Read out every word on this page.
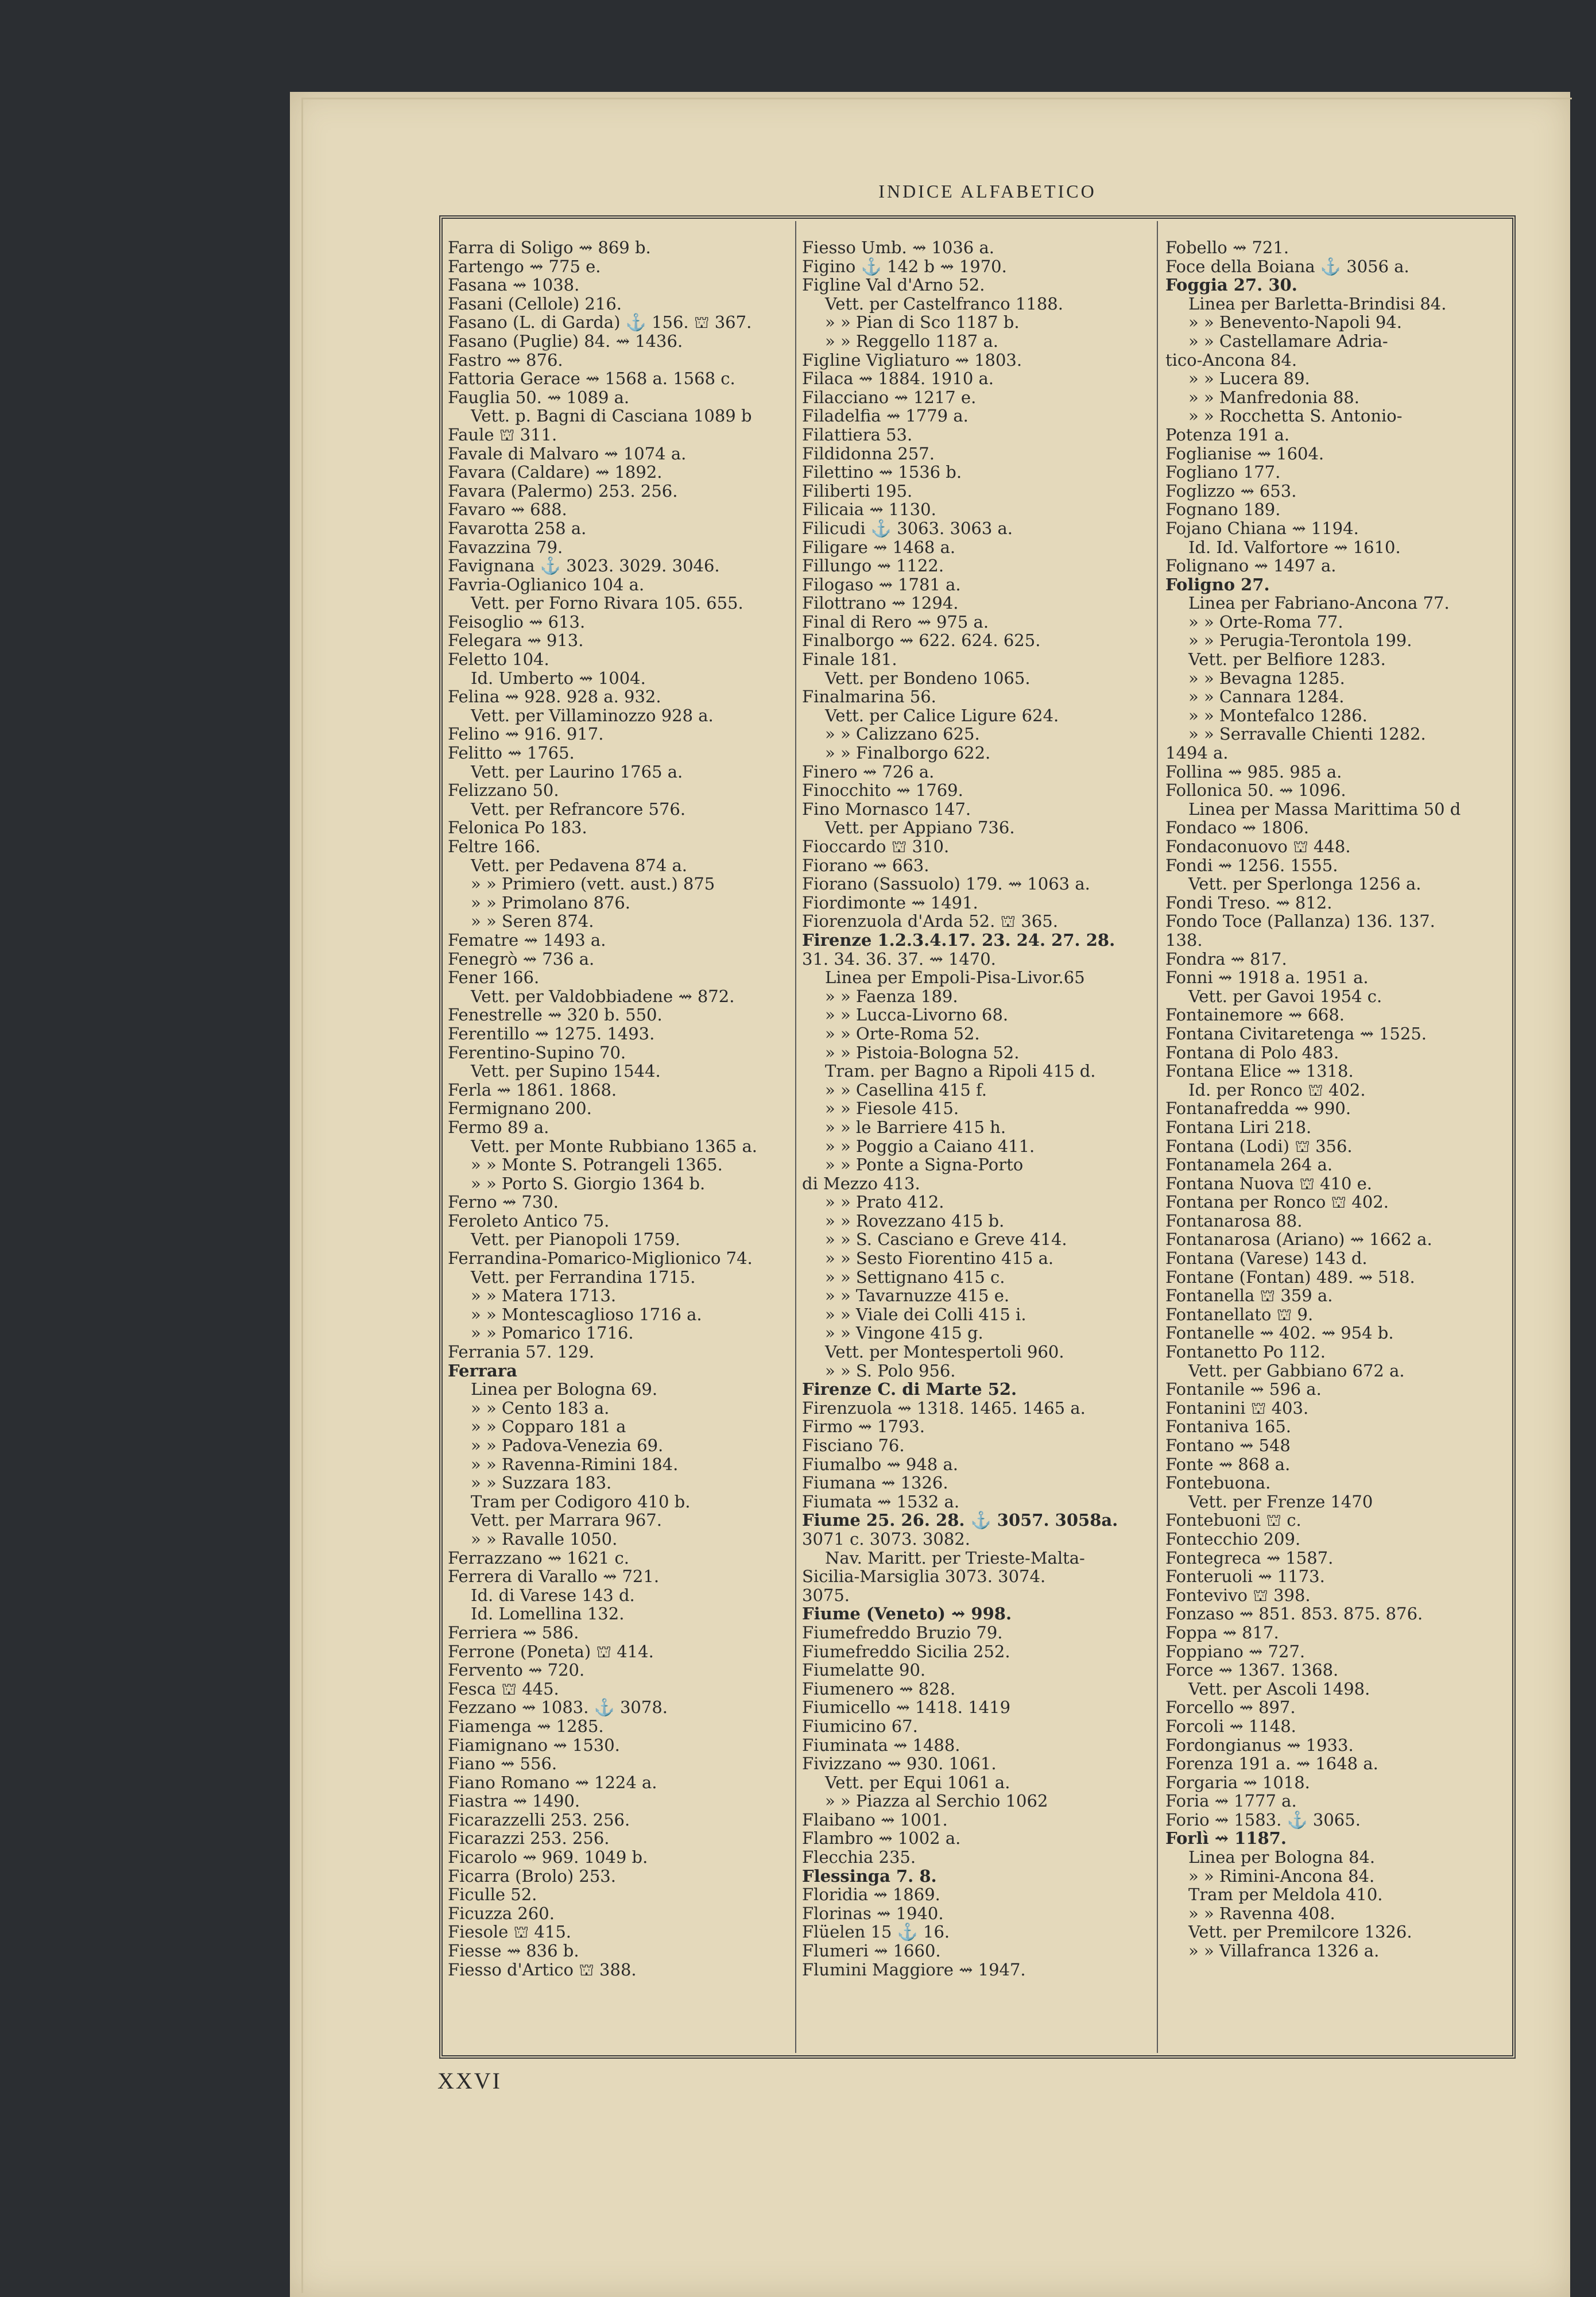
INDICE ALFABETICO
Farra di Soligo ⇝ 869 b.
Fartengo ⇝ 775 e.
Fasana ⇝ 1038.
Fasani (Cellole) 216.
Fasano (L. di Garda) ⚓ 156. ⛫ 367.
Fasano (Puglie) 84. ⇝ 1436.
Fastro ⇝ 876.
Fattoria Gerace ⇝ 1568 a. 1568 c.
Fauglia 50. ⇝ 1089 a.
Vett. p. Bagni di Casciana 1089 b
Faule ⛫ 311.
Favale di Malvaro ⇝ 1074 a.
Favara (Caldare) ⇝ 1892.
Favara (Palermo) 253. 256.
Favaro ⇝ 688.
Favarotta 258 a.
Favazzina 79.
Favignana ⚓ 3023. 3029. 3046.
Favria-Oglianico 104 a.
Vett. per Forno Rivara 105. 655.
Feisoglio ⇝ 613.
Felegara ⇝ 913.
Feletto 104.
Id. Umberto ⇝ 1004.
Felina ⇝ 928. 928 a. 932.
Vett. per Villaminozzo 928 a.
Felino ⇝ 916. 917.
Felitto ⇝ 1765.
Vett. per Laurino 1765 a.
Felizzano 50.
Vett. per Refrancore 576.
Felonica Po 183.
Feltre 166.
Vett. per Pedavena 874 a.
» » Primiero (vett. aust.) 875
» » Primolano 876.
» » Seren 874.
Fematre ⇝ 1493 a.
Fenegrò ⇝ 736 a.
Fener 166.
Vett. per Valdobbiadene ⇝ 872.
Fenestrelle ⇝ 320 b. 550.
Ferentillo ⇝ 1275. 1493.
Ferentino-Supino 70.
Vett. per Supino 1544.
Ferla ⇝ 1861. 1868.
Fermignano 200.
Fermo 89 a.
Vett. per Monte Rubbiano 1365 a.
» » Monte S. Potrangeli 1365.
» » Porto S. Giorgio 1364 b.
Ferno ⇝ 730.
Feroleto Antico 75.
Vett. per Pianopoli 1759.
Ferrandina-Pomarico-Miglionico 74.
Vett. per Ferrandina 1715.
» » Matera 1713.
» » Montescaglioso 1716 a.
» » Pomarico 1716.
Ferrania 57. 129.
Ferrara
Linea per Bologna 69.
» » Cento 183 a.
» » Copparo 181 a
» » Padova-Venezia 69.
» » Ravenna-Rimini 184.
» » Suzzara 183.
Tram per Codigoro 410 b.
Vett. per Marrara 967.
» » Ravalle 1050.
Ferrazzano ⇝ 1621 c.
Ferrera di Varallo ⇝ 721.
Id. di Varese 143 d.
Id. Lomellina 132.
Ferriera ⇝ 586.
Ferrone (Poneta) ⛫ 414.
Fervento ⇝ 720.
Fesca ⛫ 445.
Fezzano ⇝ 1083. ⚓ 3078.
Fiamenga ⇝ 1285.
Fiamignano ⇝ 1530.
Fiano ⇝ 556.
Fiano Romano ⇝ 1224 a.
Fiastra ⇝ 1490.
Ficarazzelli 253. 256.
Ficarazzi 253. 256.
Ficarolo ⇝ 969. 1049 b.
Ficarra (Brolo) 253.
Ficulle 52.
Ficuzza 260.
Fiesole ⛫ 415.
Fiesse ⇝ 836 b.
Fiesso d'Artico ⛫ 388.
Fiesso Umb. ⇝ 1036 a.
Figino ⚓ 142 b ⇝ 1970.
Figline Val d'Arno 52.
Vett. per Castelfranco 1188.
» » Pian di Sco 1187 b.
» » Reggello 1187 a.
Figline Vigliaturo ⇝ 1803.
Filaca ⇝ 1884. 1910 a.
Filacciano ⇝ 1217 e.
Filadelfia ⇝ 1779 a.
Filattiera 53.
Fildidonna 257.
Filettino ⇝ 1536 b.
Filiberti 195.
Filicaia ⇝ 1130.
Filicudi ⚓ 3063. 3063 a.
Filigare ⇝ 1468 a.
Fillungo ⇝ 1122.
Filogaso ⇝ 1781 a.
Filottrano ⇝ 1294.
Final di Rero ⇝ 975 a.
Finalborgo ⇝ 622. 624. 625.
Finale 181.
Vett. per Bondeno 1065.
Finalmarina 56.
Vett. per Calice Ligure 624.
» » Calizzano 625.
» » Finalborgo 622.
Finero ⇝ 726 a.
Finocchito ⇝ 1769.
Fino Mornasco 147.
Vett. per Appiano 736.
Fioccardo ⛫ 310.
Fiorano ⇝ 663.
Fiorano (Sassuolo) 179. ⇝ 1063 a.
Fiordimonte ⇝ 1491.
Fiorenzuola d'Arda 52. ⛫ 365.
Firenze 1.2.3.4.17. 23. 24. 27. 28.
31. 34. 36. 37. ⇝ 1470.
Linea per Empoli-Pisa-Livor.65
» » Faenza 189.
» » Lucca-Livorno 68.
» » Orte-Roma 52.
» » Pistoia-Bologna 52.
Tram. per Bagno a Ripoli 415 d.
» » Casellina 415 f.
» » Fiesole 415.
» » le Barriere 415 h.
» » Poggio a Caiano 411.
» » Ponte a Signa-Porto
di Mezzo 413.
» » Prato 412.
» » Rovezzano 415 b.
» » S. Casciano e Greve 414.
» » Sesto Fiorentino 415 a.
» » Settignano 415 c.
» » Tavarnuzze 415 e.
» » Viale dei Colli 415 i.
» » Vingone 415 g.
Vett. per Montespertoli 960.
» » S. Polo 956.
Firenze C. di Marte 52.
Firenzuola ⇝ 1318. 1465. 1465 a.
Firmo ⇝ 1793.
Fisciano 76.
Fiumalbo ⇝ 948 a.
Fiumana ⇝ 1326.
Fiumata ⇝ 1532 a.
Fiume 25. 26. 28. ⚓ 3057. 3058a.
3071 c. 3073. 3082.
Nav. Maritt. per Trieste-Malta-
Sicilia-Marsiglia 3073. 3074.
3075.
Fiume (Veneto) ⇝ 998.
Fiumefreddo Bruzio 79.
Fiumefreddo Sicilia 252.
Fiumelatte 90.
Fiumenero ⇝ 828.
Fiumicello ⇝ 1418. 1419
Fiumicino 67.
Fiuminata ⇝ 1488.
Fivizzano ⇝ 930. 1061.
Vett. per Equi 1061 a.
» » Piazza al Serchio 1062
Flaibano ⇝ 1001.
Flambro ⇝ 1002 a.
Flecchia 235.
Flessinga 7. 8.
Floridia ⇝ 1869.
Florinas ⇝ 1940.
Flüelen 15 ⚓ 16.
Flumeri ⇝ 1660.
Flumini Maggiore ⇝ 1947.
Fobello ⇝ 721.
Foce della Boiana ⚓ 3056 a.
Foggia 27. 30.
Linea per Barletta-Brindisi 84.
» » Benevento-Napoli 94.
» » Castellamare Adria-
tico-Ancona 84.
» » Lucera 89.
» » Manfredonia 88.
» » Rocchetta S. Antonio-
Potenza 191 a.
Foglianise ⇝ 1604.
Fogliano 177.
Foglizzo ⇝ 653.
Fognano 189.
Fojano Chiana ⇝ 1194.
Id. Id. Valfortore ⇝ 1610.
Folignano ⇝ 1497 a.
Foligno 27.
Linea per Fabriano-Ancona 77.
» » Orte-Roma 77.
» » Perugia-Terontola 199.
Vett. per Belfiore 1283.
» » Bevagna 1285.
» » Cannara 1284.
» » Montefalco 1286.
» » Serravalle Chienti 1282.
1494 a.
Follina ⇝ 985. 985 a.
Follonica 50. ⇝ 1096.
Linea per Massa Marittima 50 d
Fondaco ⇝ 1806.
Fondaconuovo ⛫ 448.
Fondi ⇝ 1256. 1555.
Vett. per Sperlonga 1256 a.
Fondi Treso. ⇝ 812.
Fondo Toce (Pallanza) 136. 137.
138.
Fondra ⇝ 817.
Fonni ⇝ 1918 a. 1951 a.
Vett. per Gavoi 1954 c.
Fontainemore ⇝ 668.
Fontana Civitaretenga ⇝ 1525.
Fontana di Polo 483.
Fontana Elice ⇝ 1318.
Id. per Ronco ⛫ 402.
Fontanafredda ⇝ 990.
Fontana Liri 218.
Fontana (Lodi) ⛫ 356.
Fontanamela 264 a.
Fontana Nuova ⛫ 410 e.
Fontana per Ronco ⛫ 402.
Fontanarosa 88.
Fontanarosa (Ariano) ⇝ 1662 a.
Fontana (Varese) 143 d.
Fontane (Fontan) 489. ⇝ 518.
Fontanella ⛫ 359 a.
Fontanellato ⛫ 9.
Fontanelle ⇝ 402. ⇝ 954 b.
Fontanetto Po 112.
Vett. per Gabbiano 672 a.
Fontanile ⇝ 596 a.
Fontanini ⛫ 403.
Fontaniva 165.
Fontano ⇝ 548
Fonte ⇝ 868 a.
Fontebuona.
Vett. per Frenze 1470
Fontebuoni ⛫ c.
Fontecchio 209.
Fontegreca ⇝ 1587.
Fonteruoli ⇝ 1173.
Fontevivo ⛫ 398.
Fonzaso ⇝ 851. 853. 875. 876.
Foppa ⇝ 817.
Foppiano ⇝ 727.
Force ⇝ 1367. 1368.
Vett. per Ascoli 1498.
Forcello ⇝ 897.
Forcoli ⇝ 1148.
Fordongianus ⇝ 1933.
Forenza 191 a. ⇝ 1648 a.
Forgaria ⇝ 1018.
Foria ⇝ 1777 a.
Forio ⇝ 1583. ⚓ 3065.
Forlì ⇝ 1187.
Linea per Bologna 84.
» » Rimini-Ancona 84.
Tram per Meldola 410.
» » Ravenna 408.
Vett. per Premilcore 1326.
» » Villafranca 1326 a.
XXVI
